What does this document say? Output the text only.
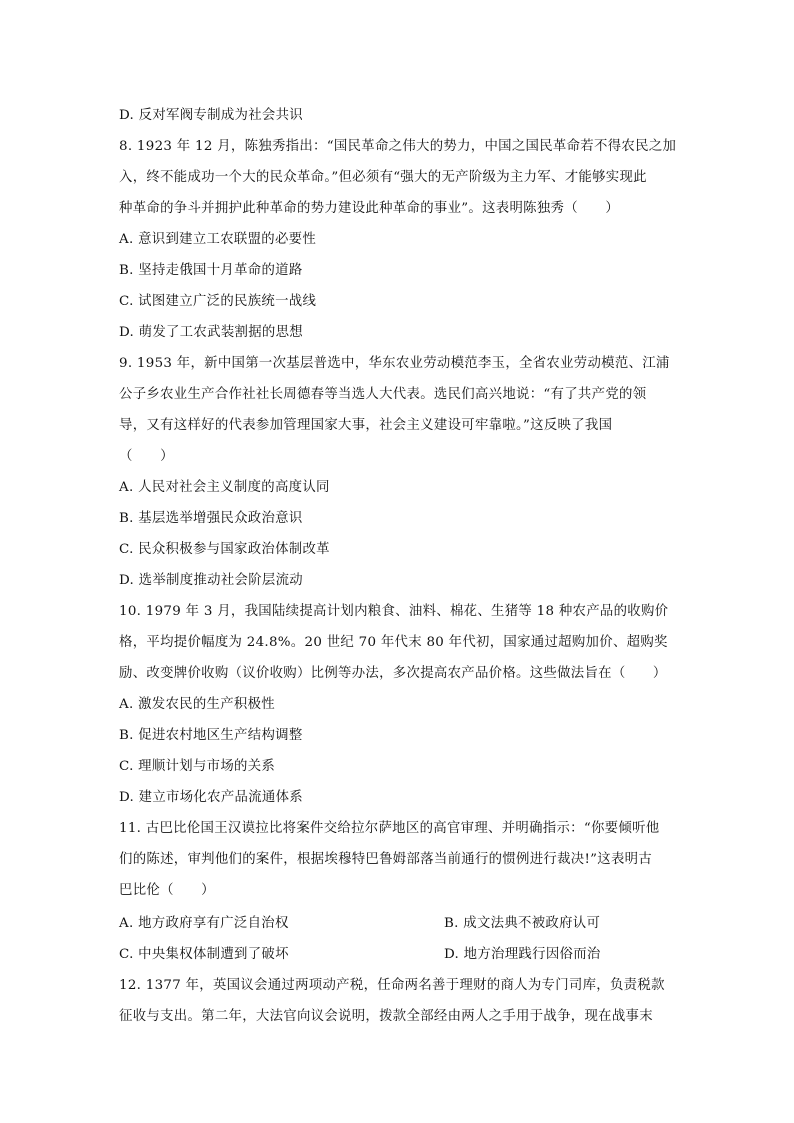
D. 反对军阀专制成为社会共识
8. 1923 年 12 月，陈独秀指出：“国民革命之伟大的势力，中国之国民革命若不得农民之加
入，终不能成功一个大的民众革命。”但必须有“强大的无产阶级为主力军、才能够实现此
种革命的争斗并拥护此种革命的势力建设此种革命的事业”。这表明陈独秀（　　）
A. 意识到建立工农联盟的必要性
B. 坚持走俄国十月革命的道路
C. 试图建立广泛的民族统一战线
D. 萌发了工农武装割据的思想
9. 1953 年，新中国第一次基层普选中，华东农业劳动模范李玉，全省农业劳动模范、江浦
公子乡农业生产合作社社长周德春等当选人大代表。选民们高兴地说：“有了共产党的领
导，又有这样好的代表参加管理国家大事，社会主义建设可牢靠啦。”这反映了我国
（　　）
A. 人民对社会主义制度的高度认同
B. 基层选举增强民众政治意识
C. 民众积极参与国家政治体制改革
D. 选举制度推动社会阶层流动
10. 1979 年 3 月，我国陆续提高计划内粮食、油料、棉花、生猪等 18 种农产品的收购价
格，平均提价幅度为 24.8%。20 世纪 70 年代末 80 年代初，国家通过超购加价、超购奖
励、改变牌价收购（议价收购）比例等办法，多次提高农产品价格。这些做法旨在（　　）
A. 激发农民的生产积极性
B. 促进农村地区生产结构调整
C. 理顺计划与市场的关系
D. 建立市场化农产品流通体系
11. 古巴比伦国王汉谟拉比将案件交给拉尔萨地区的高官审理、并明确指示：“你要倾听他
们的陈述，审判他们的案件，根据埃穆特巴鲁姆部落当前通行的惯例进行裁决!”这表明古
巴比伦（　　）
A. 地方政府享有广泛自治权	B. 成文法典不被政府认可
C. 中央集权体制遭到了破坏	D. 地方治理践行因俗而治
12. 1377 年，英国议会通过两项动产税，任命两名善于理财的商人为专门司库，负责税款
征收与支出。第二年，大法官向议会说明，拨款全部经由两人之手用于战争，现在战事末
